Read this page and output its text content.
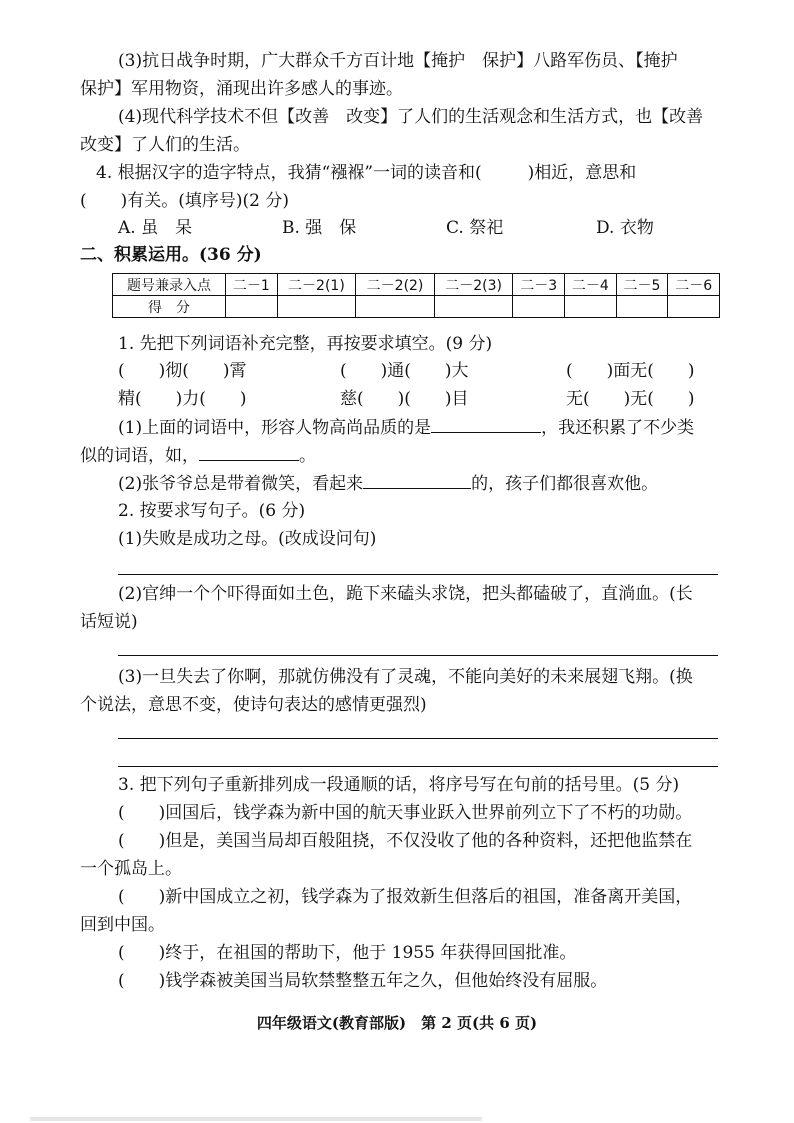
(3)抗日战争时期，广大群众千方百计地【掩护　保护】八路军伤员、【掩护
保护】军用物资，涌现出许多感人的事迹。
(4)现代科学技术不但【改善　改变】了人们的生活观念和生活方式，也【改善
改变】了人们的生活。
4. 根据汉字的造字特点，我猜“襁褓”一词的读音和(	)相近，意思和
( )有关。(填序号)(2 分)
A. 虽　呆	B. 强　保	C. 祭祀	D. 衣物
二、积累运用。(36 分)
题号兼录入点	二－1	二－2(1)	二－2(2)	二－2(3)	二－3	二－4	二－5	二－6
得　分								
1. 先把下列词语补充完整，再按要求填空。(9 分)
(　　)彻(　　)霄	(　　)通(　　)大	(　　)面无(　　)
精(　　)力(　　)	慈(　　)(　　)目	无(　　)无(　　)
(1)上面的词语中，形容人物高尚品质的是	，我还积累了不少类
似的词语，如，	。
(2)张爷爷总是带着微笑，看起来	的，孩子们都很喜欢他。
2. 按要求写句子。(6 分)
(1)失败是成功之母。(改成设问句)
(2)官绅一个个吓得面如土色，跪下来磕头求饶，把头都磕破了，直淌血。(长
话短说)
(3)一旦失去了你啊，那就仿佛没有了灵魂，不能向美好的未来展翅飞翔。(换
个说法，意思不变，使诗句表达的感情更强烈)
3. 把下列句子重新排列成一段通顺的话，将序号写在句前的括号里。(5 分)
(　　)回国后，钱学森为新中国的航天事业跃入世界前列立下了不朽的功勋。
(　　)但是，美国当局却百般阻挠，不仅没收了他的各种资料，还把他监禁在
一个孤岛上。
(　　)新中国成立之初，钱学森为了报效新生但落后的祖国，准备离开美国，
回到中国。
(　　)终于，在祖国的帮助下，他于 1955 年获得回国批准。
(　　)钱学森被美国当局软禁整整五年之久，但他始终没有屈服。
四年级语文(教育部版)　第 2 页(共 6 页)
